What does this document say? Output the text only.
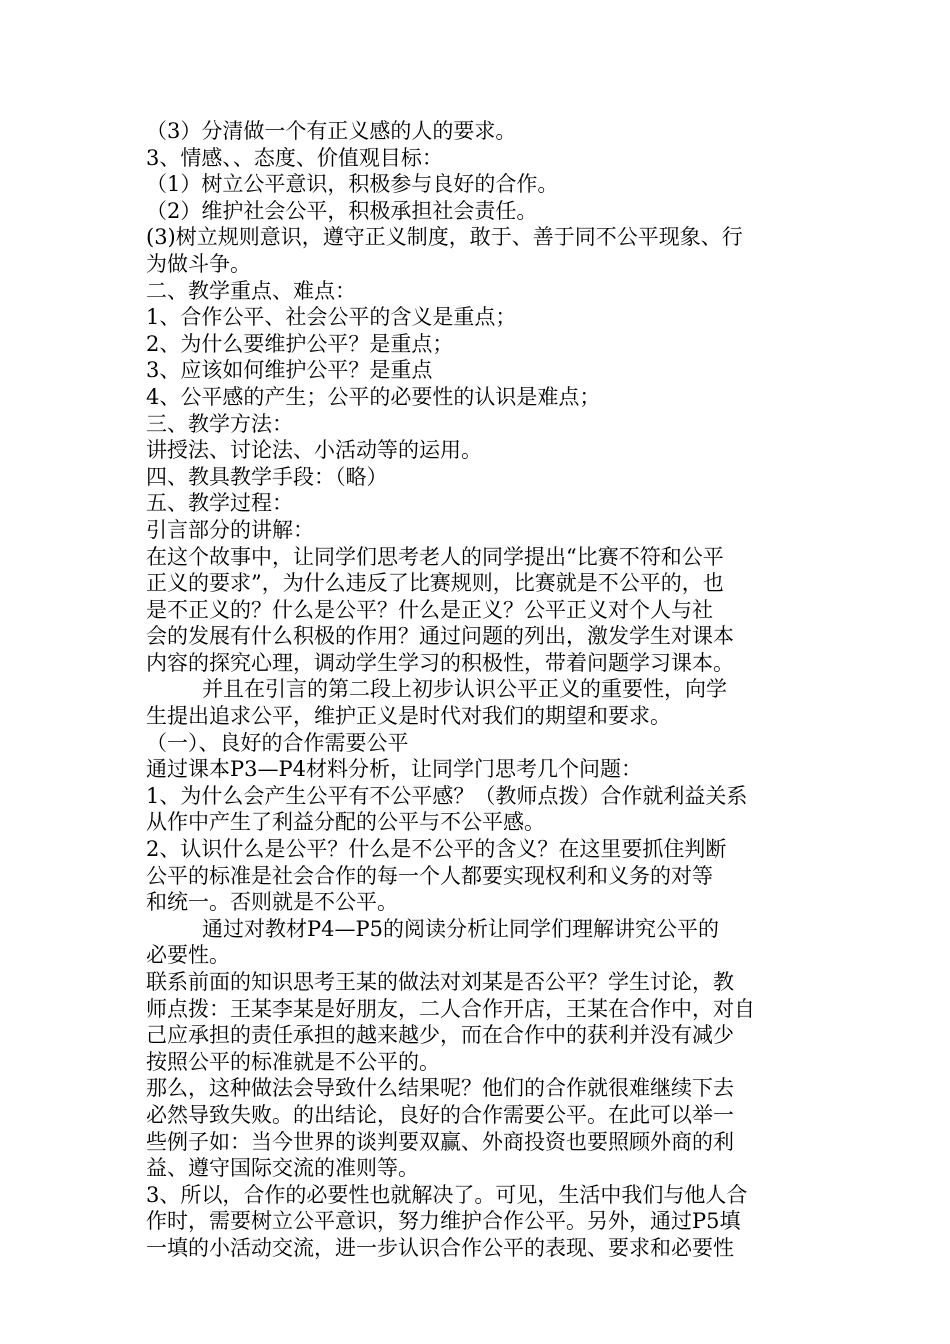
（3）分清做一个有正义感的人的要求。
3、情感、、态度、价值观目标：
（1）树立公平意识，积极参与良好的合作。
（2）维护社会公平，积极承担社会责任。
(3)树立规则意识，遵守正义制度，敢于、善于同不公平现象、行
为做斗争。
二、教学重点、难点：
1、合作公平、社会公平的含义是重点；
2、为什么要维护公平？是重点；
3、应该如何维护公平？是重点
4、公平感的产生；公平的必要性的认识是难点；
三、教学方法：
讲授法、讨论法、小活动等的运用。
四、教具教学手段：（略）
五、教学过程：
引言部分的讲解：
在这个故事中，让同学们思考老人的同学提出“比赛不符和公平
正义的要求”，为什么违反了比赛规则，比赛就是不公平的，也
是不正义的？什么是公平？什么是正义？公平正义对个人与社
会的发展有什么积极的作用？通过问题的列出，激发学生对课本
内容的探究心理，调动学生学习的积极性，带着问题学习课本。
并且在引言的第二段上初步认识公平正义的重要性，向学
生提出追求公平，维护正义是时代对我们的期望和要求。
（一）、良好的合作需要公平
通过课本P3—P4材料分析，让同学门思考几个问题：
1、为什么会产生公平有不公平感？（教师点拨）合作就利益关系
从作中产生了利益分配的公平与不公平感。
2、认识什么是公平？什么是不公平的含义？在这里要抓住判断
公平的标准是社会合作的每一个人都要实现权利和义务的对等
和统一。否则就是不公平。
通过对教材P4—P5的阅读分析让同学们理解讲究公平的
必要性。
联系前面的知识思考王某的做法对刘某是否公平？学生讨论，教
师点拨：王某李某是好朋友，二人合作开店，王某在合作中，对自
己应承担的责任承担的越来越少，而在合作中的获利并没有减少
按照公平的标准就是不公平的。
那么，这种做法会导致什么结果呢？他们的合作就很难继续下去
必然导致失败。的出结论，良好的合作需要公平。在此可以举一
些例子如：当今世界的谈判要双赢、外商投资也要照顾外商的利
益、遵守国际交流的准则等。
3、所以，合作的必要性也就解决了。可见，生活中我们与他人合
作时，需要树立公平意识，努力维护合作公平。另外，通过P5填
一填的小活动交流，进一步认识合作公平的表现、要求和必要性
